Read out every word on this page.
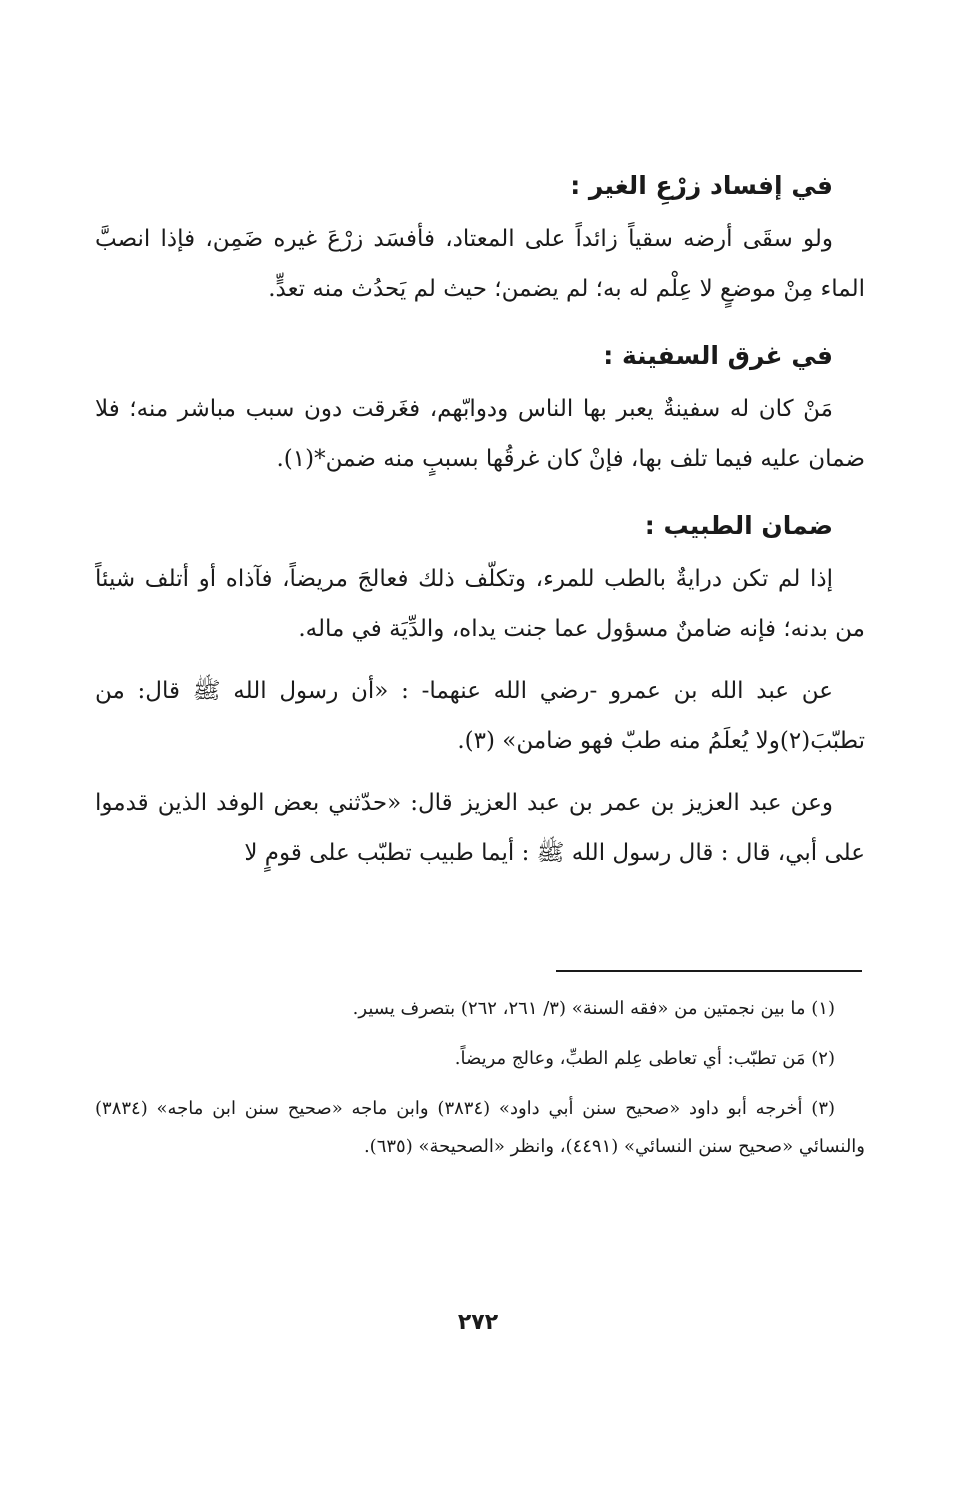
في إفساد زرْعِ الغير :

ولو سقَى أرضه سقياً زائداً على المعتاد، فأفسَد زرْعَ غيره ضَمِن، فإذا انصبَّ الماء مِنْ موضعٍ لا عِلْم له به؛ لم يضمن؛ حيث لم يَحدُث منه تعدٍّ.

في غرق السفينة :

مَنْ كان له سفينةٌ يعبر بها الناس ودوابّهم، فغَرقت دون سبب مباشر منه؛ فلا ضمان عليه فيما تلف بها، فإنْ كان غرقُها بسببٍ منه ضمن*(١).

ضمان الطبيب :

إذا لم تكن درايةٌ بالطب للمرء، وتكلّف ذلك فعالجَ مريضاً، فآذاه أو أتلف شيئاً من بدنه؛ فإنه ضامنٌ مسؤول عما جنت يداه، والدِّيَة في ماله.

عن عبد الله بن عمرو -رضي الله عنهما- : «أن رسول الله ﷺ قال: من تطبّبَ(٢)ولا يُعلَمُ منه طبّ فهو ضامن» (٣).

وعن عبد العزيز بن عمر بن عبد العزيز قال: «حدّثني بعض الوفد الذين قدموا على أبي، قال : قال رسول الله ﷺ : أيما طبيب تطبّب على قومٍ لا

(١) ما بين نجمتين من «فقه السنة» (٣/ ٢٦١، ٢٦٢) بتصرف يسير.

(٢) مَن تطبّب: أي تعاطى عِلم الطبِّ، وعالج مريضاً.

(٣) أخرجه أبو داود «صحيح سنن أبي داود» (٣٨٣٤) وابن ماجه «صحيح سنن ابن ماجه» (٣٨٣٤) والنسائي «صحيح سنن النسائي» (٤٤٩١)، وانظر «الصحيحة» (٦٣٥).

٢٧٢
